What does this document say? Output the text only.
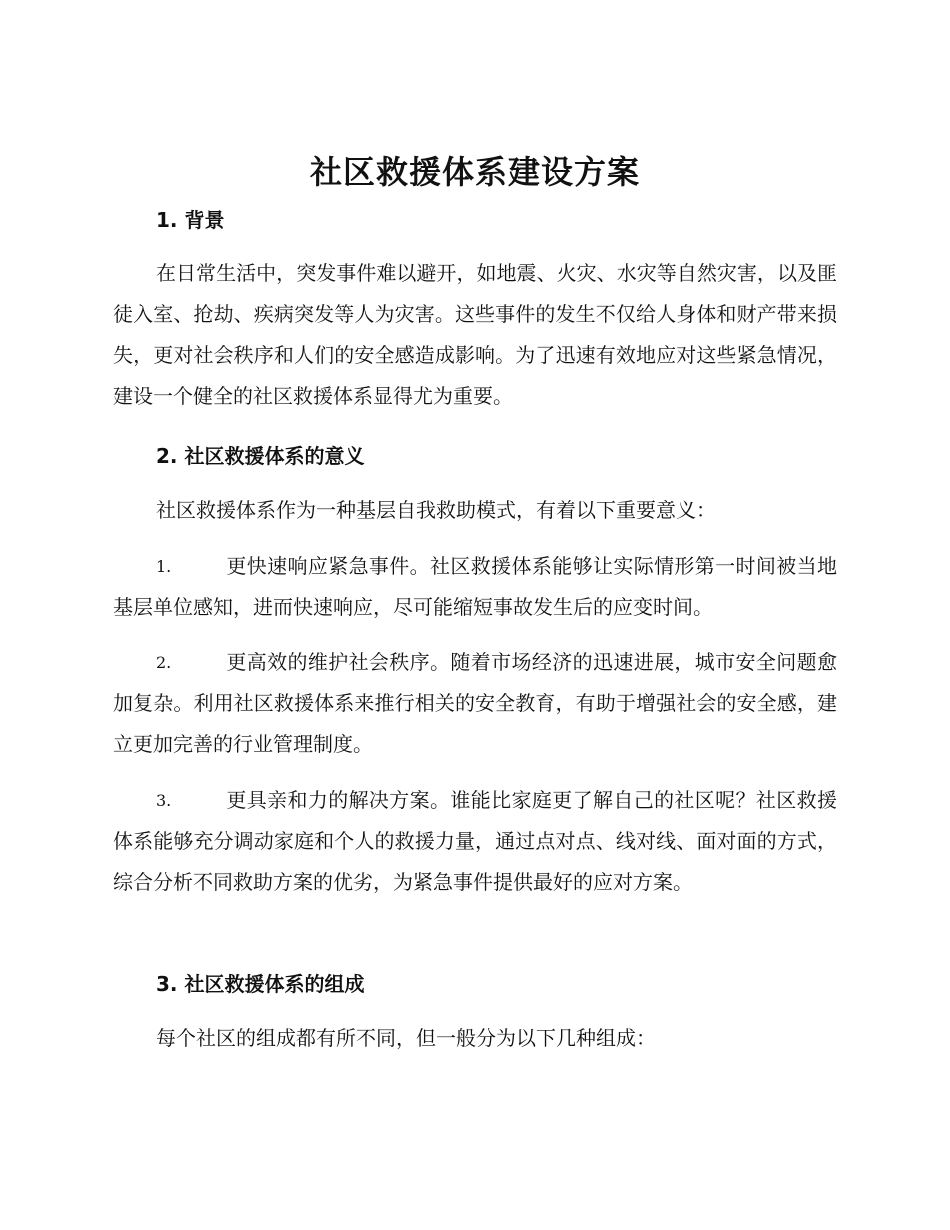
社区救援体系建设方案
1. 背景

在日常生活中，突发事件难以避开，如地震、火灾、水灾等自然灾害，以及匪徒入室、抢劫、疾病突发等人为灾害。这些事件的发生不仅给人身体和财产带来损失，更对社会秩序和人们的安全感造成影响。为了迅速有效地应对这些紧急情况，建设一个健全的社区救援体系显得尤为重要。

2. 社区救援体系的意义

社区救援体系作为一种基层自我救助模式，有着以下重要意义：

1.	更快速响应紧急事件。社区救援体系能够让实际情形第一时间被当地基层单位感知，进而快速响应，尽可能缩短事故发生后的应变时间。
2.	更高效的维护社会秩序。随着市场经济的迅速进展，城市安全问题愈加复杂。利用社区救援体系来推行相关的安全教育，有助于增强社会的安全感，建立更加完善的行业管理制度。
3.	更具亲和力的解决方案。谁能比家庭更了解自己的社区呢？社区救援体系能够充分调动家庭和个人的救援力量，通过点对点、线对线、面对面的方式，综合分析不同救助方案的优劣，为紧急事件提供最好的应对方案。
3. 社区救援体系的组成

每个社区的组成都有所不同，但一般分为以下几种组成：
